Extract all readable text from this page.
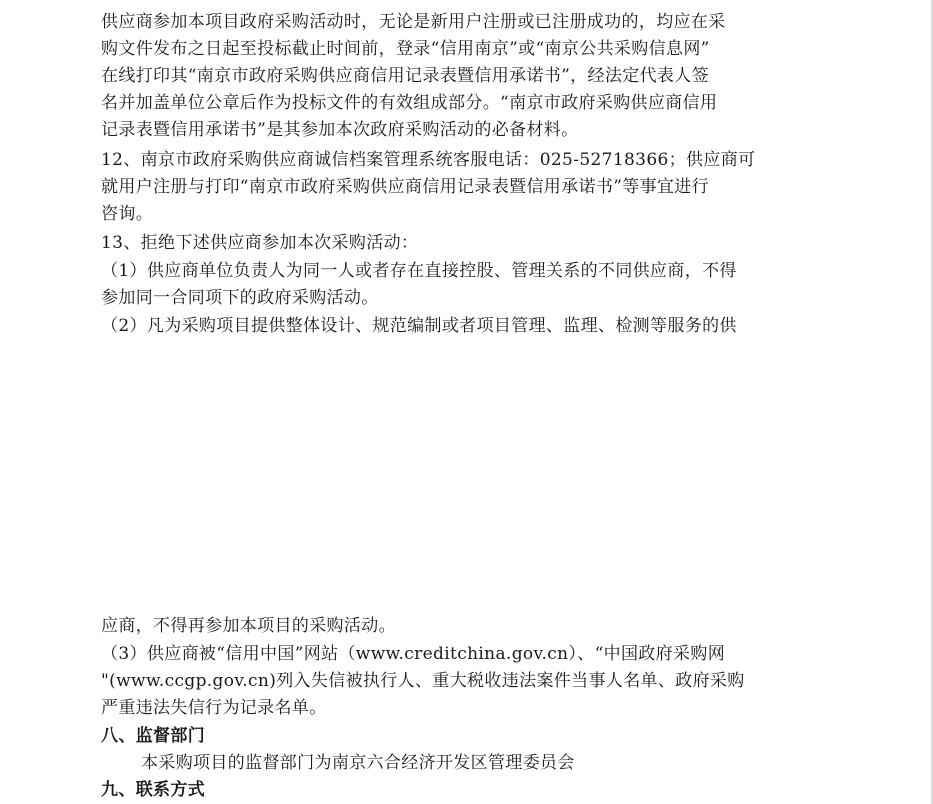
供应商参加本项目政府采购活动时，无论是新用户注册或已注册成功的，均应在采
购文件发布之日起至投标截止时间前，登录“信用南京”或“南京公共采购信息网”
在线打印其“南京市政府采购供应商信用记录表暨信用承诺书”，经法定代表人签
名并加盖单位公章后作为投标文件的有效组成部分。“南京市政府采购供应商信用
记录表暨信用承诺书”是其参加本次政府采购活动的必备材料。
12、南京市政府采购供应商诚信档案管理系统客服电话：025-52718366；供应商可
就用户注册与打印“南京市政府采购供应商信用记录表暨信用承诺书”等事宜进行
咨询。
13、拒绝下述供应商参加本次采购活动：
（1）供应商单位负责人为同一人或者存在直接控股、管理关系的不同供应商，不得
参加同一合同项下的政府采购活动。
（2）凡为采购项目提供整体设计、规范编制或者项目管理、监理、检测等服务的供
应商，不得再参加本项目的采购活动。
（3）供应商被“信用中国”网站（www.creditchina.gov.cn）、“中国政府采购网
"(www.ccgp.gov.cn)列入失信被执行人、重大税收违法案件当事人名单、政府采购
严重违法失信行为记录名单。
八、监督部门
本采购项目的监督部门为南京六合经济开发区管理委员会
九、联系方式
